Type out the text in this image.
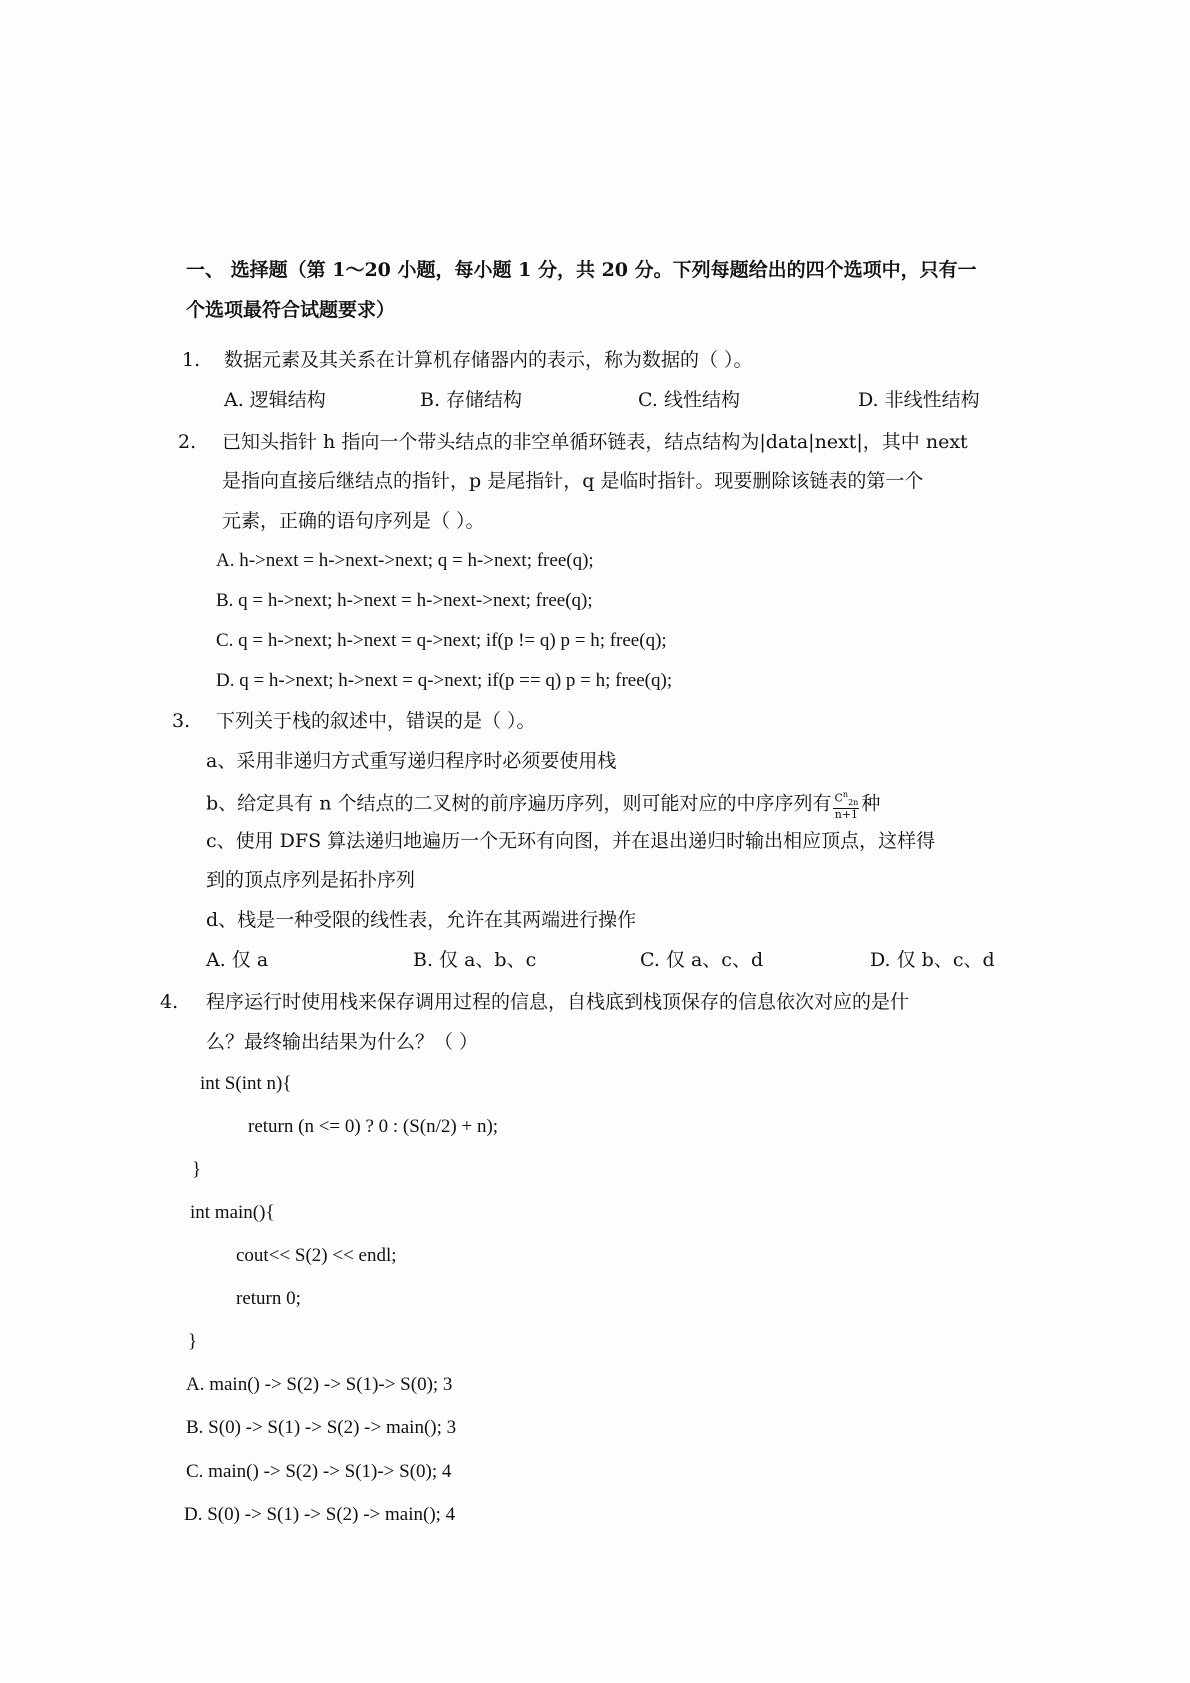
一、 选择题（第 1～20 小题，每小题 1 分，共 20 分。下列每题给出的四个选项中，只有一
个选项最符合试题要求）
1. 数据元素及其关系在计算机存储器内的表示，称为数据的（ ）。
A. 逻辑结构	B. 存储结构	C. 线性结构	D. 非线性结构
2. 已知头指针 h 指向一个带头结点的非空单循环链表，结点结构为|data|next|，其中 next
是指向直接后继结点的指针，p 是尾指针，q 是临时指针。现要删除该链表的第一个
元素，正确的语句序列是（ ）。
A. h->next = h->next->next; q = h->next; free(q);
B. q = h->next; h->next = h->next->next; free(q);
C. q = h->next; h->next = q->next; if(p != q) p = h; free(q);
D. q = h->next; h->next = q->next; if(p == q) p = h; free(q);
3. 下列关于栈的叙述中，错误的是（ ）。
a、采用非递归方式重写递归程序时必须要使用栈
b、给定具有 n 个结点的二叉树的前序遍历序列，则可能对应的中序序列有 $\frac{C^n_{2n}}{n+1}$ 种
c、使用 DFS 算法递归地遍历一个无环有向图，并在退出递归时输出相应顶点，这样得
到的顶点序列是拓扑序列
d、栈是一种受限的线性表，允许在其两端进行操作
A. 仅 a	B. 仅 a、b、c	C. 仅 a、c、d	D. 仅 b、c、d
4. 程序运行时使用栈来保存调用过程的信息，自栈底到栈顶保存的信息依次对应的是什
么？最终输出结果为什么？（ ）
int S(int n){
return (n <= 0) ? 0 : (S(n/2) + n);
}
int main(){
cout<< S(2) << endl;
return 0;
}
A. main() -> S(2) -> S(1)-> S(0); 3
B. S(0) -> S(1) -> S(2) -> main(); 3
C. main() -> S(2) -> S(1)-> S(0); 4
D. S(0) -> S(1) -> S(2) -> main(); 4
